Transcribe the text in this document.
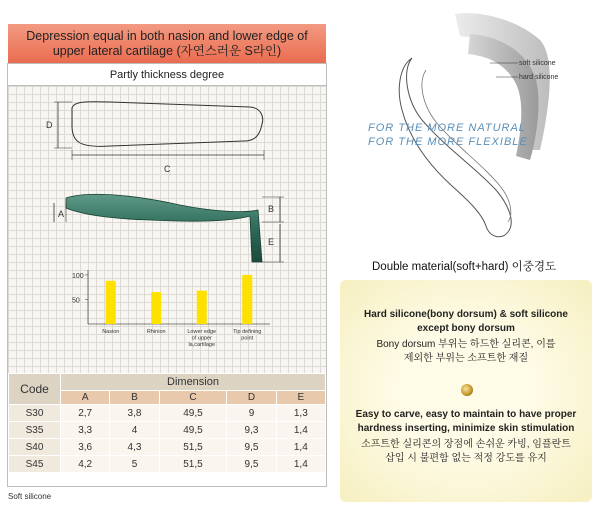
Depression equal in both nasion and lower edge of
upper lateral cartilage (자연스러운 S라인)
Partly thickness degree
D
C
A	B
E
50
100
Nasion	Rhinion	Lower edge
of upper
la,cartilage
Tip defining
point
Code	Dimension				
	A	B	C	D	E
S30	2,7	3,8	49,5	9	1,3
S35	3,3	4	49,5	9,3	1,4
S40	3,6	4,3	51,5	9,5	1,4
S45	4,2	5	51,5	9,5	1,4
Soft silicone
soft silicone
hard silicone
FOR THE MORE NATURAL
FOR THE MORE FLEXIBLE
Double material(soft+hard) 이중경도
Hard silicone(bony dorsum) & soft silicone
except bony dorsum
Bony dorsum 부위는 하드한 실리콘, 이를
제외한 부위는 소프트한 재질
Easy to carve, easy to maintain to have proper
hardness inserting, minimize skin stimulation
소프트한 실리콘의 장점에 손쉬운 카빙, 임플란트
삽입 시 불편함 없는 적정 강도를 유지
